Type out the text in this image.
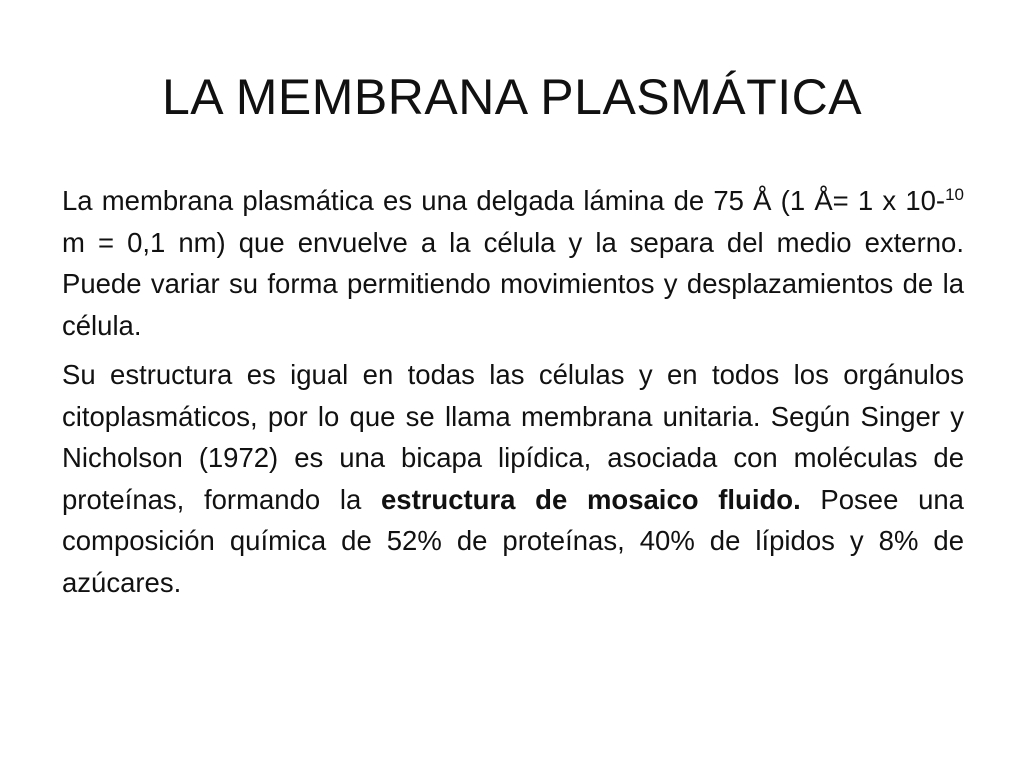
LA MEMBRANA PLASMÁTICA

La membrana plasmática es una delgada lámina de 75 Å (1 Å= 1 x 10-$^{10}$ m = 0,1 nm) que envuelve a la célula y la separa del medio externo. Puede variar su forma permitiendo movimientos y desplazamientos de la célula.

Su estructura es igual en todas las células y en todos los orgánulos citoplasmáticos, por lo que se llama membrana unitaria. Según Singer y Nicholson (1972) es una bicapa lipídica, asociada con moléculas de proteínas, formando la estructura de mosaico fluido. Posee una composición química de 52% de proteínas, 40% de lípidos y 8% de azúcares.
